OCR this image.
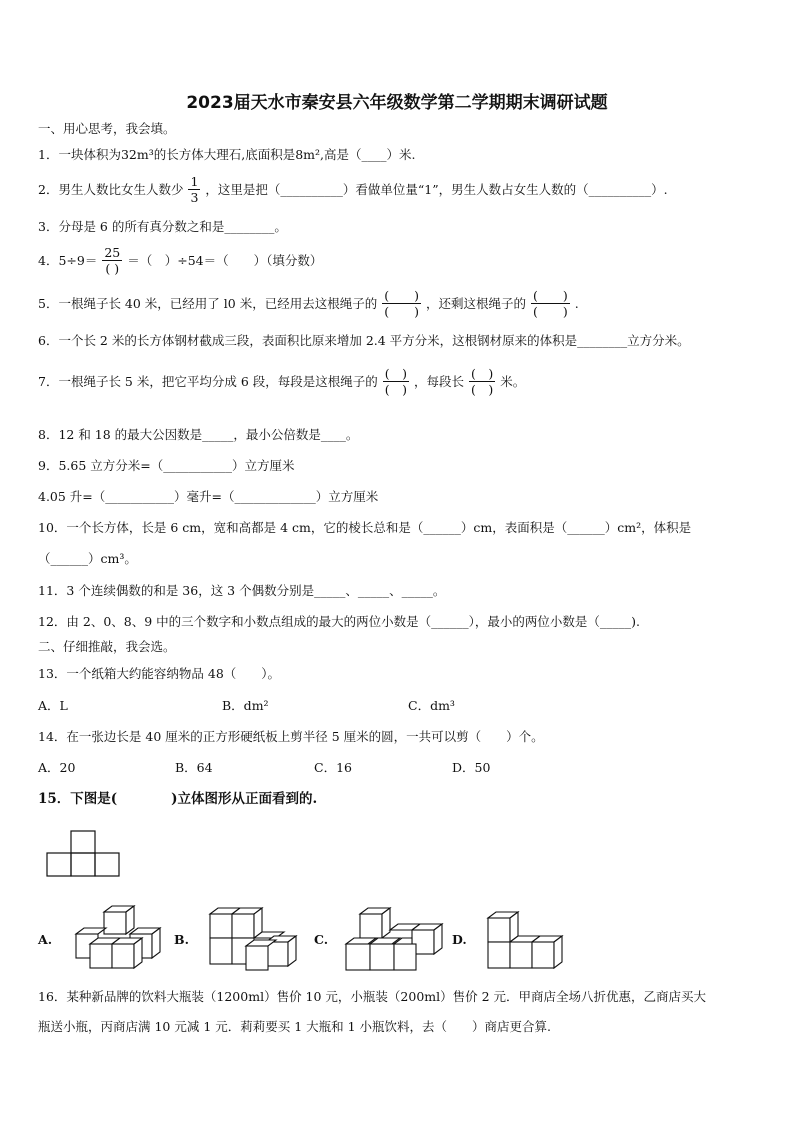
2023届天水市秦安县六年级数学第二学期期末调研试题
一、用心思考，我会填。
1．一块体积为32m³的长方体大理石,底面积是8m²,高是（____）米.
2．男生人数比女生人数少 $\frac{1}{3}$ ，这里是把（__________）看做单位量“1”，男生人数占女生人数的（__________）.
3．分母是 6 的所有真分数之和是________。
4．$5\div 9= \frac{25}{( )}$ ＝（　）÷54＝（　　）（填分数）
5．一根绳子长 40 米，已经用了 l0 米，已经用去这根绳子的 $\frac{( )}{( )}$ ，还剩这根绳子的 $\frac{( )}{( )}$ .
6．一个长 2 米的长方体钢材截成三段，表面积比原来增加 2.4 平方分米，这根钢材原来的体积是________立方分米。
7．一根绳子长 5 米，把它平均分成 6 段，每段是这根绳子的 $\frac{( )}{( )}$ ，每段长 $\frac{( )}{( )}$ 米。
8．12 和 18 的最大公因数是_____，最小公倍数是____。
9．5.65 立方分米=（___________）立方厘米
4.05 升=（___________）毫升=（_____________）立方厘米
10．一个长方体，长是 6 cm，宽和高都是 4 cm，它的棱长总和是（______）cm，表面积是（______）cm²，体积是
（______）cm³。
11．3 个连续偶数的和是 36，这 3 个偶数分别是_____、_____、_____。
12．由 2、0、8、9 中的三个数字和小数点组成的最大的两位小数是（______），最小的两位小数是（_____).
二、仔细推敲，我会选。
13．一个纸箱大约能容纳物品 48（　　）。
A．L	B．dm²	C．dm³
14．在一张边长是 40 厘米的正方形硬纸板上剪半径 5 厘米的圆，一共可以剪（　　）个。
A．20	B．64	C．16	D．50
15．下图是(　　　　)立体图形从正面看到的.
A.	B.	C.	D.
16．某种新品牌的饮料大瓶装（1200ml）售价 10 元，小瓶装（200ml）售价 2 元．甲商店全场八折优惠，乙商店买大
瓶送小瓶，丙商店满 10 元减 1 元．莉莉要买 1 大瓶和 1 小瓶饮料，去（　　）商店更合算.
